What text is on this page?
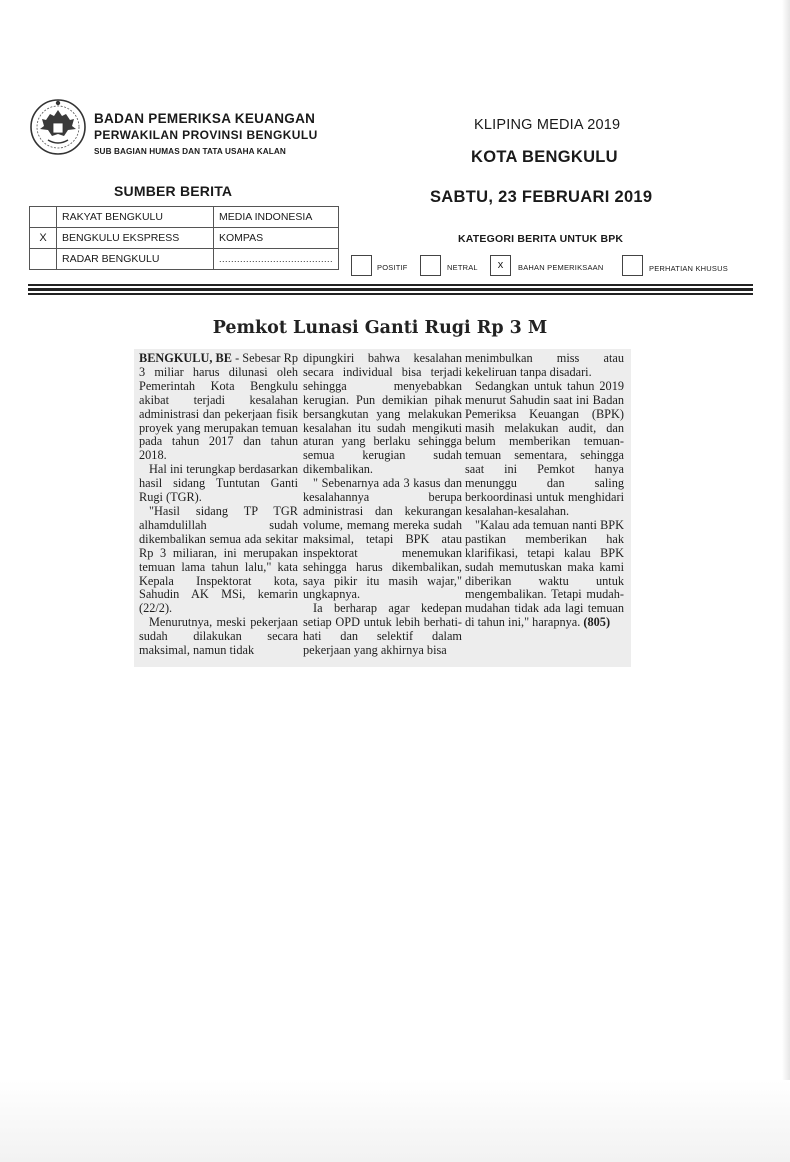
BADAN PEMERIKSA KEUANGAN
PERWAKILAN PROVINSI BENGKULU
SUB BAGIAN HUMAS DAN TATA USAHA KALAN
KLIPING MEDIA 2019
KOTA BENGKULU
SABTU, 23 FEBRUARI 2019
SUMBER BERITA
	RAKYAT BENGKULU	MEDIA INDONESIA
X	BENGKULU EKSPRESS	KOMPAS
	RADAR BENGKULU	......................................
KATEGORI BERITA UNTUK BPK
POSITIF	NETRAL	x	BAHAN PEMERIKSAAN	PERHATIAN KHUSUS
Pemkot Lunasi Ganti Rugi Rp 3 M

BENGKULU, BE - Sebesar Rp 3 miliar harus dilunasi oleh Pemerintah Kota Bengkulu akibat terjadi kesalahan administrasi dan pekerjaan fisik proyek yang merupakan temuan pada tahun 2017 dan tahun 2018.

Hal ini terungkap berdasarkan hasil sidang Tuntutan Ganti Rugi (TGR).

"Hasil sidang TP TGR alhamdulillah sudah dikembalikan semua ada sekitar Rp 3 miliaran, ini merupakan temuan lama tahun lalu," kata Kepala Inspektorat kota, Sahudin AK MSi, kemarin (22/2).

Menurutnya, meski pekerjaan sudah dilakukan secara maksimal, namun tidak

dipungkiri bahwa kesalahan secara individual bisa terjadi sehingga menyebabkan kerugian. Pun demikian pihak bersangkutan yang melakukan kesalahan itu sudah mengikuti aturan yang berlaku sehingga semua kerugian sudah dikembalikan.

" Sebenarnya ada 3 kasus dan kesalahannya berupa administrasi dan kekurangan volume, memang mereka sudah maksimal, tetapi BPK atau inspektorat menemukan sehingga harus dikembalikan, saya pikir itu masih wajar," ungkapnya.

Ia berharap agar kedepan setiap OPD untuk lebih berhati-hati dan selektif dalam pekerjaan yang akhirnya bisa

menimbulkan miss atau kekeliruan tanpa disadari.

Sedangkan untuk tahun 2019 menurut Sahudin saat ini Badan Pemeriksa Keuangan (BPK) masih melakukan audit, dan belum memberikan temuan-temuan sementara, sehingga saat ini Pemkot hanya menunggu dan saling berkoordinasi untuk menghidari kesalahan-kesalahan.

"Kalau ada temuan nanti BPK pastikan memberikan hak klarifikasi, tetapi kalau BPK sudah memutuskan maka kami diberikan waktu untuk mengembalikan. Tetapi mudah-mudahan tidak ada lagi temuan di tahun ini," harapnya. (805)
